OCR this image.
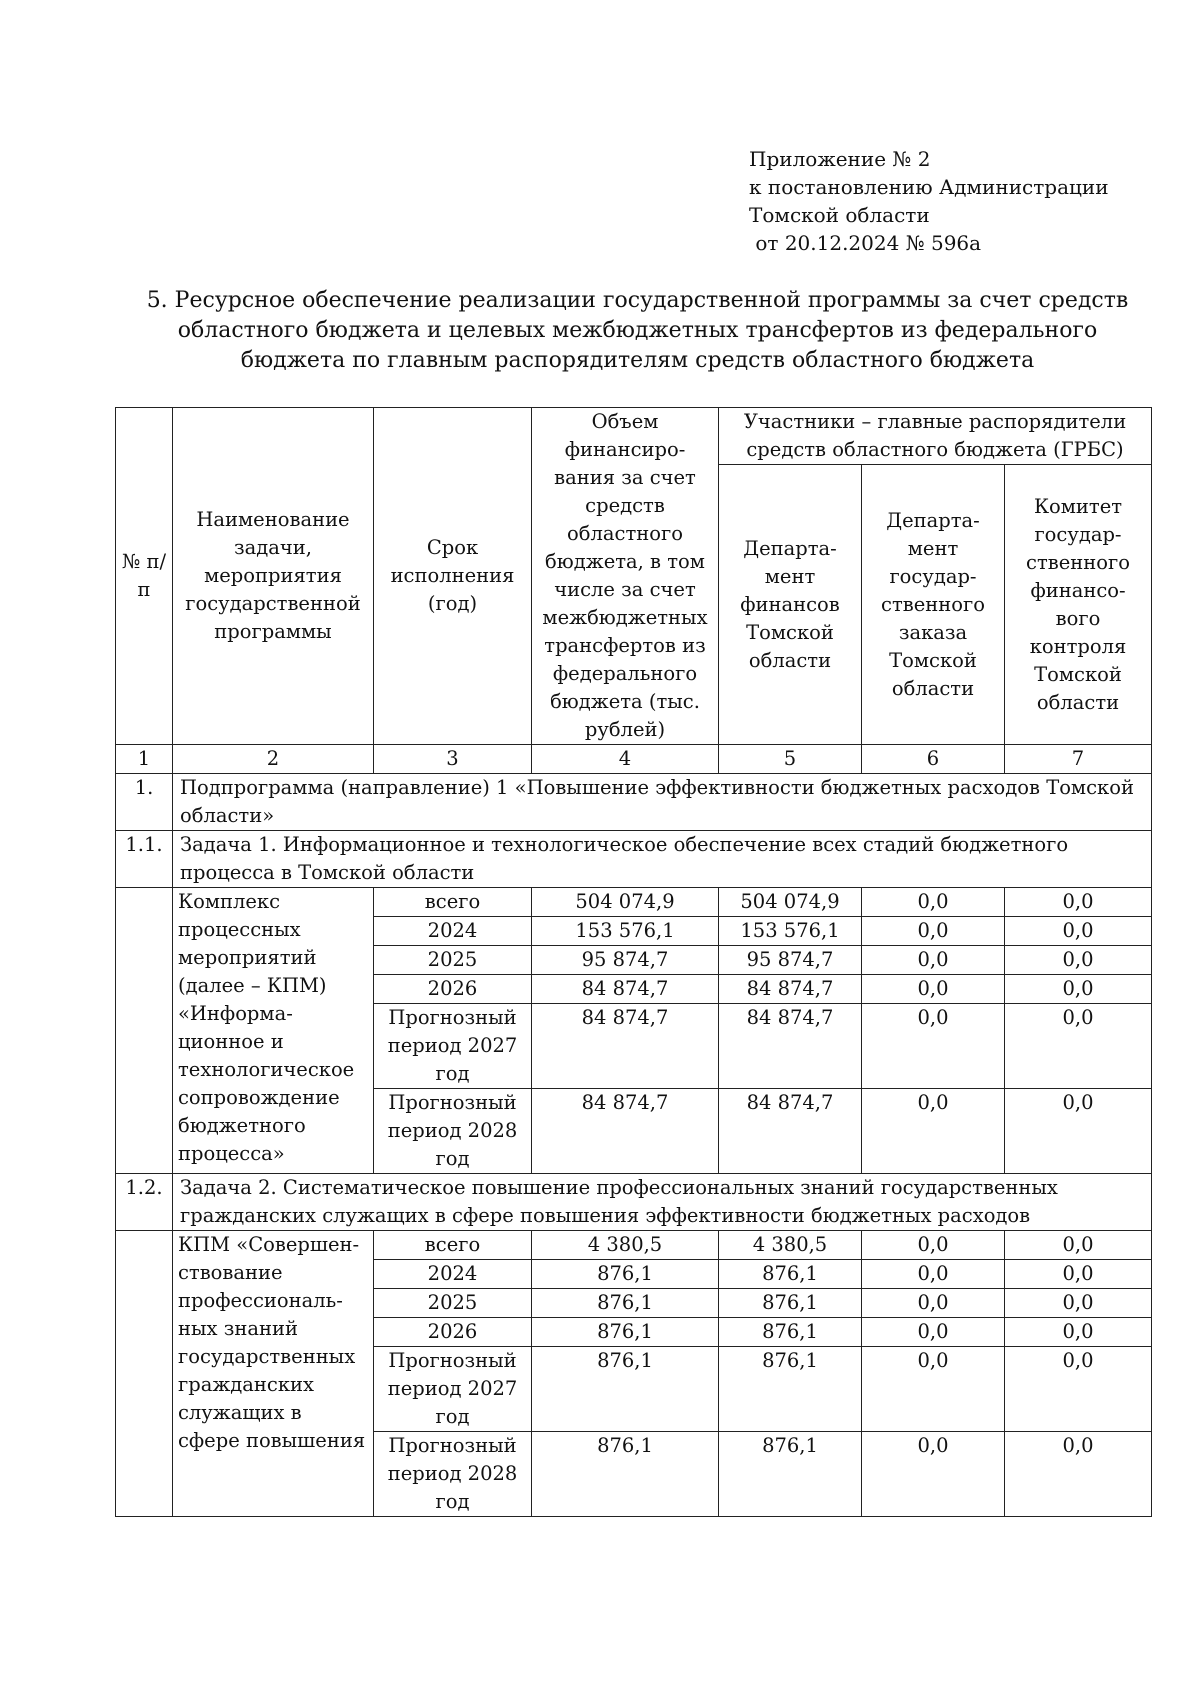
Приложение № 2
к постановлению Администрации
Томской области
от 20.12.2024 № 596а
5. Ресурсное обеспечение реализации государственной программы за счет средств
областного бюджета и целевых межбюджетных трансфертов из федерального
бюджета по главным распорядителям средств областного бюджета
№ п/п	Наименование задачи, мероприятия государственной программы	Срок исполнения (год)	Объем финансиро-вания за счет средств областного бюджета, в том числе за счет межбюджетных трансфертов из федерального бюджета (тыс. рублей)	Участники – главные распорядители средств областного бюджета (ГРБС)		
				Департа-мент финансов Томской области	Департа-мент государ-ственного заказа Томской области	Комитет государ-ственного финансо-вого контроля Томской области
1	2	3	4	5	6	7
1.	Подпрограмма (направление) 1 «Повышение эффективности бюджетных расходов Томской области»					
1.1.	Задача 1. Информационное и технологическое обеспечение всех стадий бюджетного процесса в Томской области					
	Комплекс процессных мероприятий (далее – КПМ) «Информа-ционное и технологическое сопровождение бюджетного процесса»	всего	504 074,9	504 074,9	0,0	0,0
		2024	153 576,1	153 576,1	0,0	0,0
		2025	95 874,7	95 874,7	0,0	0,0
		2026	84 874,7	84 874,7	0,0	0,0
		Прогнозный период 2027 год	84 874,7	84 874,7	0,0	0,0
		Прогнозный период 2028 год	84 874,7	84 874,7	0,0	0,0
1.2.	Задача 2. Систематическое повышение профессиональных знаний государственных гражданских служащих в сфере повышения эффективности бюджетных расходов					
	КПМ «Совершен-ствование профессиональ-ных знаний государственных гражданских служащих в сфере повышения	всего	4 380,5	4 380,5	0,0	0,0
		2024	876,1	876,1	0,0	0,0
		2025	876,1	876,1	0,0	0,0
		2026	876,1	876,1	0,0	0,0
		Прогнозный период 2027 год	876,1	876,1	0,0	0,0
		Прогнозный период 2028 год	876,1	876,1	0,0	0,0
